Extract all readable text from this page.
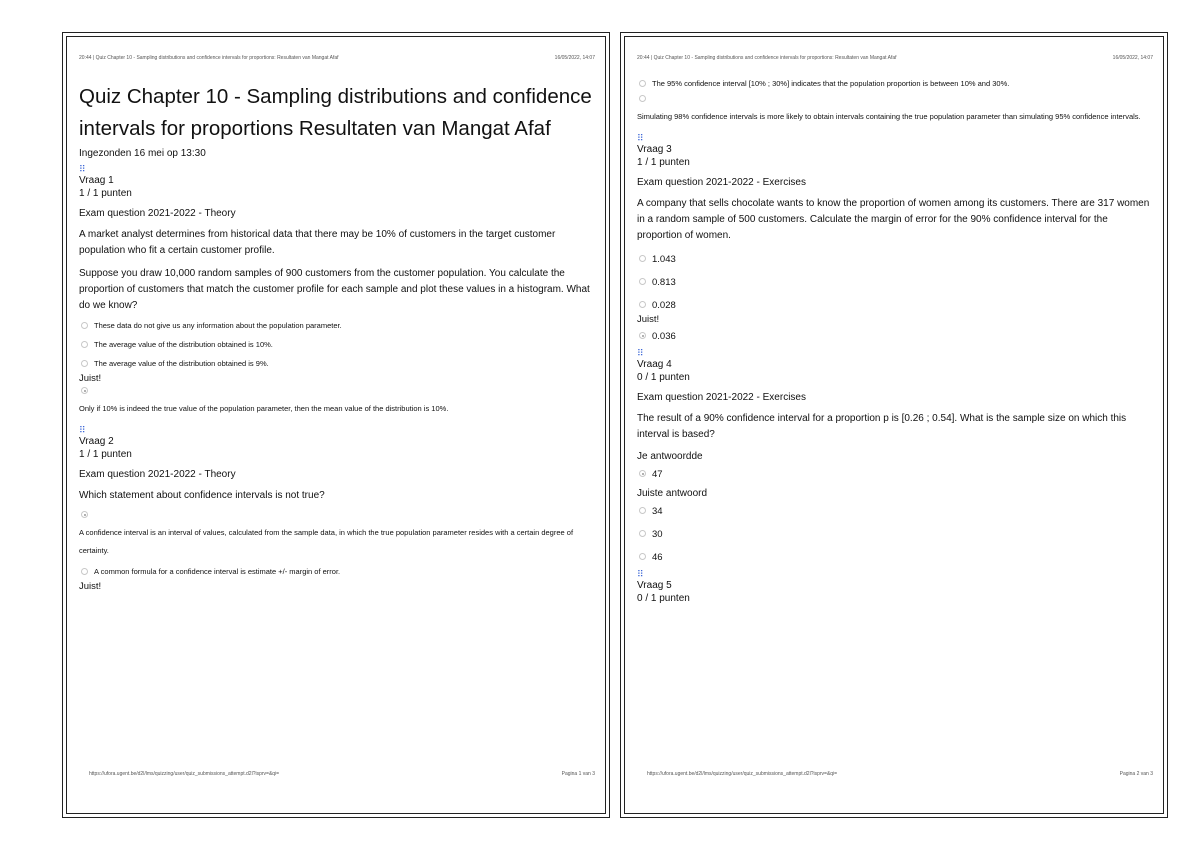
20:44 | Quiz Chapter 10 - Sampling distributions and confidence intervals for proportions: Resultaten van Mangat Afaf	16/05/2022, 14:07
Quiz Chapter 10 - Sampling distributions and confidence intervals for proportions Resultaten van Mangat Afaf

Ingezonden 16 mei op 13:30

⠿

Vraag 1

1 / 1 punten

Exam question 2021-2022 - Theory

A market analyst determines from historical data that there may be 10% of customers in the target customer population who fit a certain customer profile.

Suppose you draw 10,000 random samples of 900 customers from the customer population. You calculate the proportion of customers that match the customer profile for each sample and plot these values in a histogram. What do we know?

These data do not give us any information about the population parameter.
The average value of the distribution obtained is 10%.
The average value of the distribution obtained is 9%.

Juist!

Only if 10% is indeed the true value of the population parameter, then the mean value of the distribution is 10%.
⠿

Vraag 2

1 / 1 punten

Exam question 2021-2022 - Theory

Which statement about confidence intervals is not true?

A confidence interval is an interval of values, calculated from the sample data, in which the true population parameter resides with a certain degree of certainty.
A common formula for a confidence interval is estimate +/- margin of error.

Juist!

https://ufora.ugent.be/d2l/lms/quizzing/user/quiz_submissions_attempt.d2l?isprv=&qi=	Pagina 1 van 3
20:44 | Quiz Chapter 10 - Sampling distributions and confidence intervals for proportions: Resultaten van Mangat Afaf	16/05/2022, 14:07
The 95% confidence interval [10% ; 30%] indicates that the population proportion is between 10% and 30%.
Simulating 98% confidence intervals is more likely to obtain intervals containing the true population parameter than simulating 95% confidence intervals.
⠿

Vraag 3

1 / 1 punten

Exam question 2021-2022 - Exercises

A company that sells chocolate wants to know the proportion of women among its customers. There are 317 women in a random sample of 500 customers. Calculate the margin of error for the 90% confidence interval for the proportion of women.

1.043
0.813
0.028

Juist!

0.036
⠿

Vraag 4

0 / 1 punten

Exam question 2021-2022 - Exercises

The result of a 90% confidence interval for a proportion p is [0.26 ; 0.54]. What is the sample size on which this interval is based?

Je antwoordde

47

Juiste antwoord

34
30
46
⠿

Vraag 5

0 / 1 punten

https://ufora.ugent.be/d2l/lms/quizzing/user/quiz_submissions_attempt.d2l?isprv=&qi=	Pagina 2 van 3
